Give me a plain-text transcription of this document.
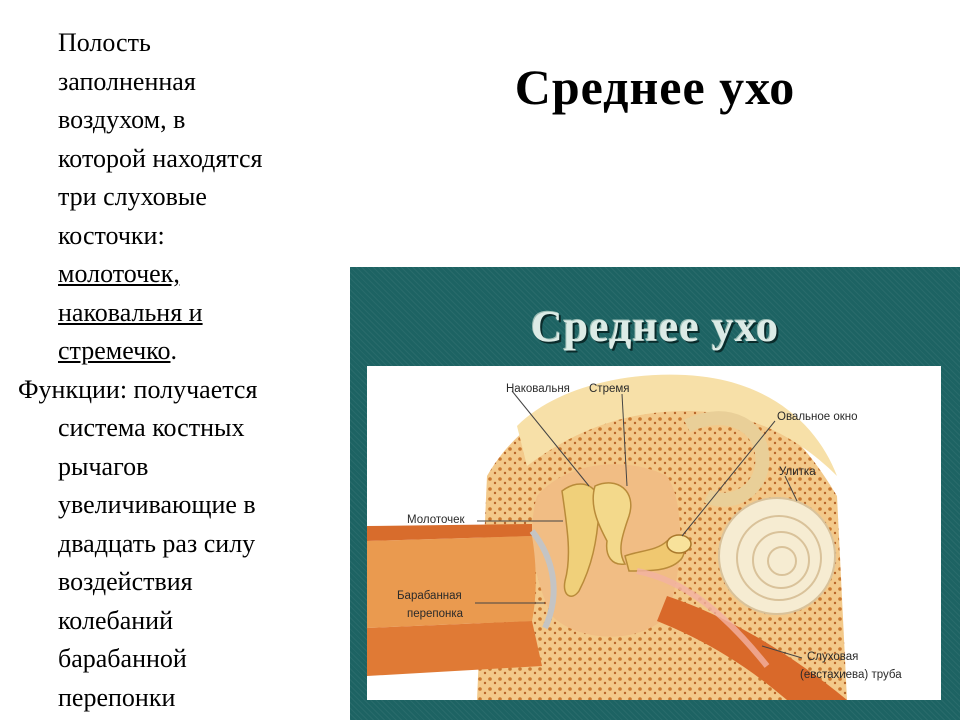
Среднее ухо
Полость
заполненная
воздухом, в
которой находятся
три слуховые
косточки:
молоточек,
наковальня и
стремечко.
Функции: получается
система костных
рычагов
увеличивающие в
двадцать раз силу
воздействия
колебаний
барабанной
перепонки
Среднее ухо
Наковальня Стремя
Овальное окно
Улитка
Молоточек
Барабанная
перепонка
Слуховая
(евстахиева) труба
